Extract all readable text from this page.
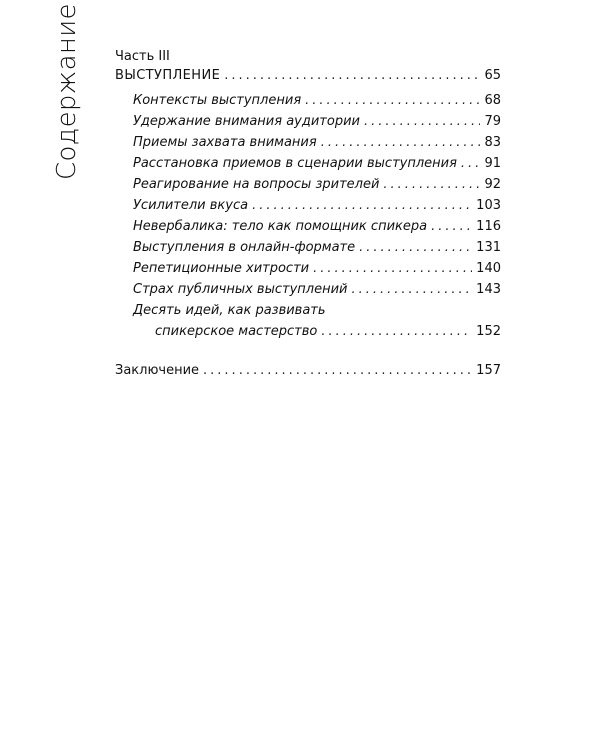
Содержание	Часть III
ВЫСТУПЛЕНИЕ .....	65
Контексты выступления .....	68
Удержание внимания аудитории .....	79
Приемы захвата внимания .....	83
Расстановка приемов в сценарии выступления ..... 91
Реагирование на вопросы зрителей .....	92
Усилители вкуса .....	103
Невербалика: тело как помощник спикера .....	116
Выступления в онлайн-формате .....	131
Репетиционные хитрости .....	140
Страх публичных выступлений .....	143
Десять идей, как развивать
спикерское мастерство .....	152
Заключение .....	157
